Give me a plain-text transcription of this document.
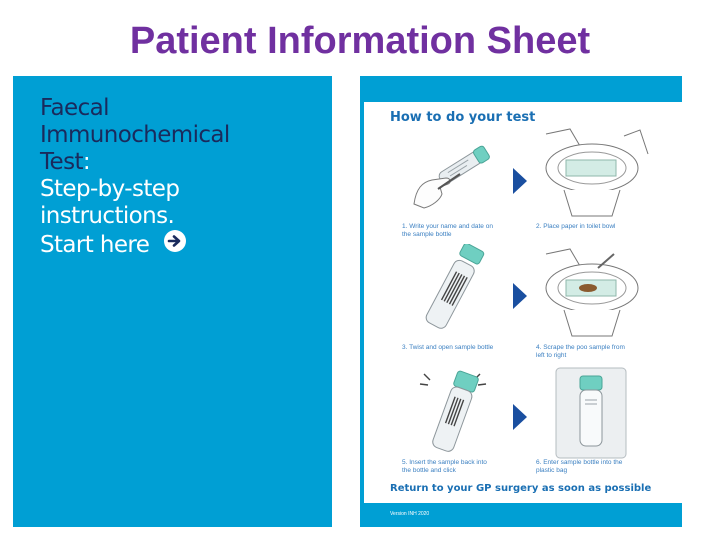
Patient Information Sheet
Faecal
Immunochemical
Test:
Step-by-step
instructions.
Start here
How to do your test
1. Write your name and date on the sample bottle
2. Place paper in toilet bowl
3. Twist and open sample bottle	4. Scrape the poo sample from left to right
5. Insert the sample back into the bottle and click
6. Enter sample bottle into the plastic bag
Return to your GP surgery as soon as possible
Version INH 2020
